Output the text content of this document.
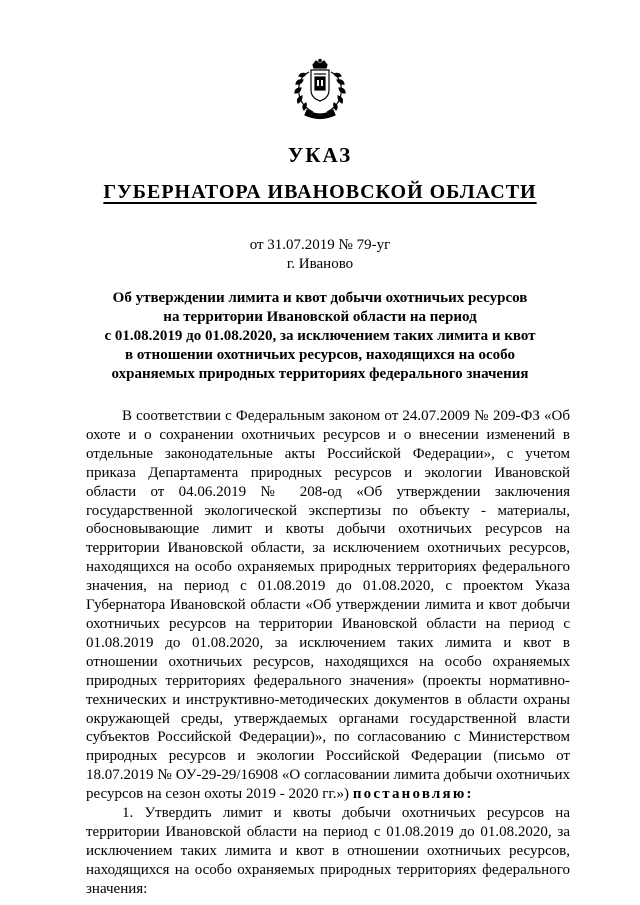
УКАЗ
ГУБЕРНАТОРА ИВАНОВСКОЙ ОБЛАСТИ
от 31.07.2019 № 79-уг
г. Иваново
Об утверждении лимита и квот добычи охотничьих ресурсов
на территории Ивановской области на период
с 01.08.2019 до 01.08.2020, за исключением таких лимита и квот
в отношении охотничьих ресурсов, находящихся на особо
охраняемых природных территориях федерального значения

В соответствии с Федеральным законом от 24.07.2009 № 209-ФЗ «Об охоте и о сохранении охотничьих ресурсов и о внесении изменений в отдельные законодательные акты Российской Федерации», с учетом приказа Департамента природных ресурсов и экологии Ивановской области от 04.06.2019 № 208-од «Об утверждении заключения государственной экологической экспертизы по объекту - материалы, обосновывающие лимит и квоты добычи охотничьих ресурсов на территории Ивановской области, за исключением охотничьих ресурсов, находящихся на особо охраняемых природных территориях федерального значения, на период с 01.08.2019 до 01.08.2020, с проектом Указа Губернатора Ивановской области «Об утверждении лимита и квот добычи охотничьих ресурсов на территории Ивановской области на период с 01.08.2019 до 01.08.2020, за исключением таких лимита и квот в отношении охотничьих ресурсов, находящихся на особо охраняемых природных территориях федерального значения» (проекты нормативно-технических и инструктивно-методических документов в области охраны окружающей среды, утверждаемых органами государственной власти субъектов Российской Федерации)», по согласованию с Министерством природных ресурсов и экологии Российской Федерации (письмо от 18.07.2019 № ОУ-29-29/16908 «О согласовании лимита добычи охотничьих ресурсов на сезон охоты 2019 - 2020 гг.») постановляю:

1. Утвердить лимит и квоты добычи охотничьих ресурсов на территории Ивановской области на период с 01.08.2019 до 01.08.2020, за исключением таких лимита и квот в отношении охотничьих ресурсов, находящихся на особо охраняемых природных территориях федерального значения:
